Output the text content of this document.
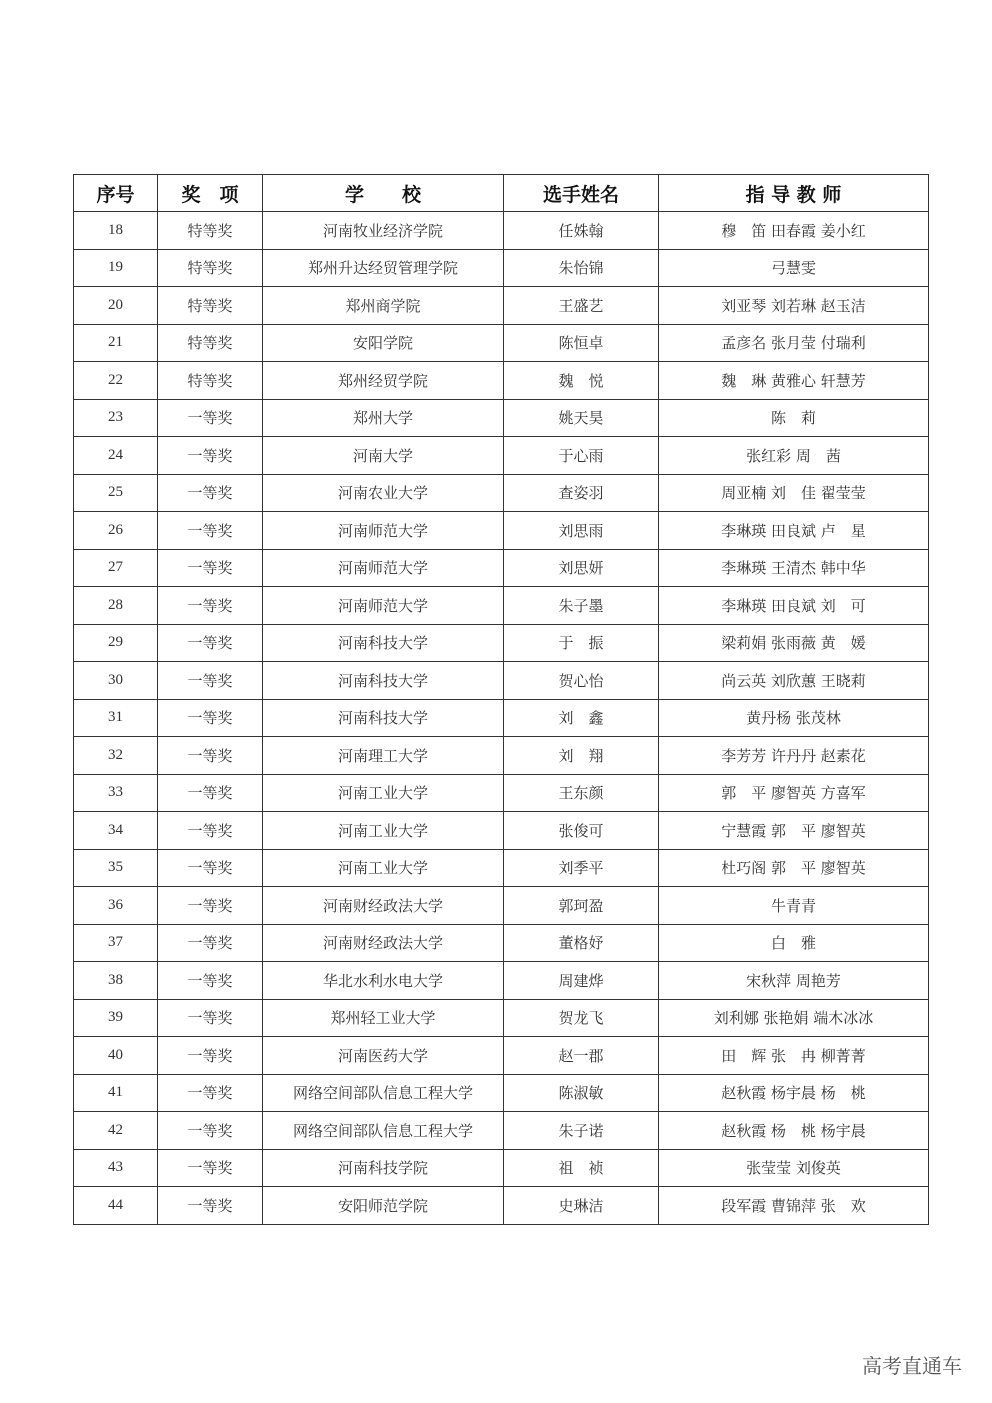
序号	奖　项	学　　校	选手姓名	指 导 教 师
18	特等奖	河南牧业经济学院	任姝翰	穆　笛 田春霞 姜小红
19	特等奖	郑州升达经贸管理学院	朱怡锦	弓慧雯
20	特等奖	郑州商学院	王盛艺	刘亚琴 刘若琳 赵玉洁
21	特等奖	安阳学院	陈恒卓	孟彦名 张月莹 付瑞利
22	特等奖	郑州经贸学院	魏　悦	魏　琳 黄雅心 轩慧芳
23	一等奖	郑州大学	姚天昊	陈　莉
24	一等奖	河南大学	于心雨	张红彩 周　茜
25	一等奖	河南农业大学	查姿羽	周亚楠 刘　佳 翟莹莹
26	一等奖	河南师范大学	刘思雨	李琳瑛 田良斌 卢　星
27	一等奖	河南师范大学	刘思妍	李琳瑛 王清杰 韩中华
28	一等奖	河南师范大学	朱子墨	李琳瑛 田良斌 刘　可
29	一等奖	河南科技大学	于　振	梁莉娟 张雨薇 黄　媛
30	一等奖	河南科技大学	贺心怡	尚云英 刘欣蕙 王晓莉
31	一等奖	河南科技大学	刘　鑫	黄丹杨 张茂林
32	一等奖	河南理工大学	刘　翔	李芳芳 许丹丹 赵素花
33	一等奖	河南工业大学	王东颜	郭　平 廖智英 方喜军
34	一等奖	河南工业大学	张俊可	宁慧霞 郭　平 廖智英
35	一等奖	河南工业大学	刘季平	杜巧阁 郭　平 廖智英
36	一等奖	河南财经政法大学	郭珂盈	牛青青
37	一等奖	河南财经政法大学	董格妤	白　雅
38	一等奖	华北水利水电大学	周建烨	宋秋萍 周艳芳
39	一等奖	郑州轻工业大学	贺龙飞	刘利娜 张艳娟 端木冰冰
40	一等奖	河南医药大学	赵一郡	田　辉 张　冉 柳菁菁
41	一等奖	网络空间部队信息工程大学	陈淑敏	赵秋霞 杨宇晨 杨　桃
42	一等奖	网络空间部队信息工程大学	朱子诺	赵秋霞 杨　桃 杨宇晨
43	一等奖	河南科技学院	祖　祯	张莹莹 刘俊英
44	一等奖	安阳师范学院	史琳洁	段军霞 曹锦萍 张　欢
高考直通车
